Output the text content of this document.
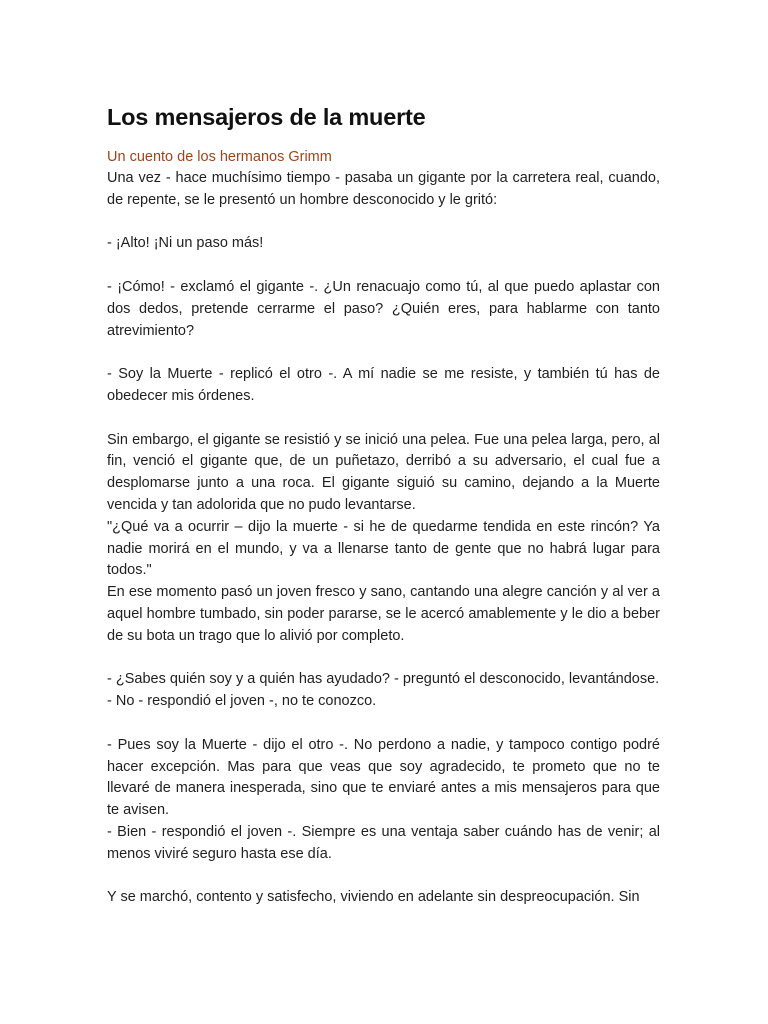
Los mensajeros de la muerte
Un cuento de los hermanos Grimm

Una vez - hace muchísimo tiempo - pasaba un gigante por la carretera real, cuando, de repente, se le presentó un hombre desconocido y le gritó:

- ¡Alto! ¡Ni un paso más!

- ¡Cómo! - exclamó el gigante -. ¿Un renacuajo como tú, al que puedo aplastar con dos dedos, pretende cerrarme el paso? ¿Quién eres, para hablarme con tanto atrevimiento?

- Soy la Muerte - replicó el otro -. A mí nadie se me resiste, y también tú has de obedecer mis órdenes.

Sin embargo, el gigante se resistió y se inició una pelea. Fue una pelea larga, pero, al fin, venció el gigante que, de un puñetazo, derribó a su adversario, el cual fue a desplomarse junto a una roca. El gigante siguió su camino, dejando a la Muerte vencida y tan adolorida que no pudo levantarse.

"¿Qué va a ocurrir – dijo la muerte - si he de quedarme tendida en este rincón? Ya nadie morirá en el mundo, y va a llenarse tanto de gente que no habrá lugar para todos."

En ese momento pasó un joven fresco y sano, cantando una alegre canción y al ver a aquel hombre tumbado, sin poder pararse, se le acercó amablemente y le dio a beber de su bota un trago que lo alivió por completo.

- ¿Sabes quién soy y a quién has ayudado? - preguntó el desconocido, levantándose.

- No - respondió el joven -, no te conozco.

- Pues soy la Muerte - dijo el otro -. No perdono a nadie, y tampoco contigo podré hacer excepción. Mas para que veas que soy agradecido, te prometo que no te llevaré de manera inesperada, sino que te enviaré antes a mis mensajeros para que te avisen.

- Bien - respondió el joven -. Siempre es una ventaja saber cuándo has de venir; al menos viviré seguro hasta ese día.

Y se marchó, contento y satisfecho, viviendo en adelante sin despreocupación. Sin
